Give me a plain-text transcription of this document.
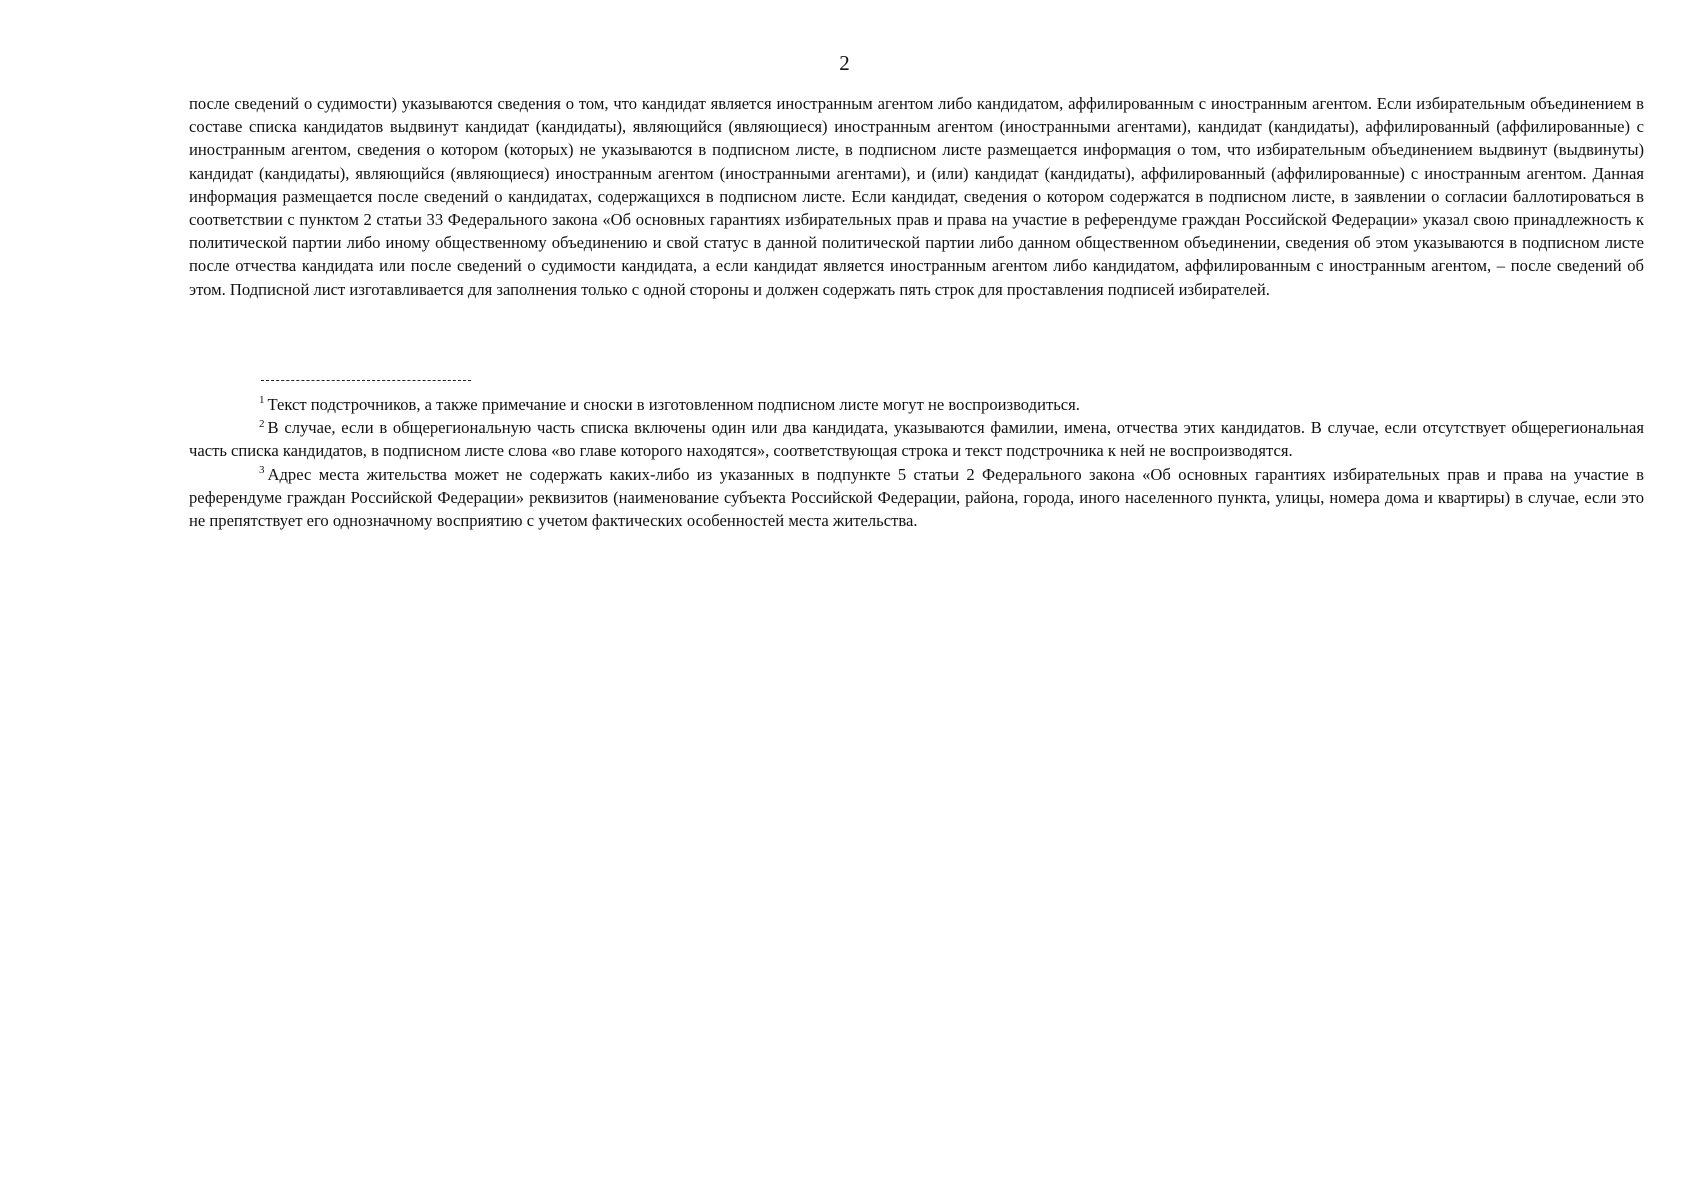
2

после сведений о судимости) указываются сведения о том, что кандидат является иностранным агентом либо кандидатом, аффилированным с иностранным агентом. Если избирательным объединением в составе списка кандидатов выдвинут кандидат (кандидаты), являющийся (являющиеся) иностранным агентом (иностранными агентами), кандидат (кандидаты), аффилированный (аффилированные) с иностранным агентом, сведения о котором (которых) не указываются в подписном листе, в подписном листе размещается информация о том, что избирательным объединением выдвинут (выдвинуты) кандидат (кандидаты), являющийся (являющиеся) иностранным агентом (иностранными агентами), и (или) кандидат (кандидаты), аффилированный (аффилированные) с иностранным агентом. Данная информация размещается после сведений о кандидатах, содержащихся в подписном листе. Если кандидат, сведения о котором содержатся в подписном листе, в заявлении о согласии баллотироваться в соответствии с пунктом 2 статьи 33 Федерального закона «Об основных гарантиях избирательных прав и права на участие в референдуме граждан Российской Федерации» указал свою принадлежность к политической партии либо иному общественному объединению и свой статус в данной политической партии либо данном общественном объединении, сведения об этом указываются в подписном листе после отчества кандидата или после сведений о судимости кандидата, а если кандидат является иностранным агентом либо кандидатом, аффилированным с иностранным агентом, – после сведений об этом. Подписной лист изготавливается для заполнения только с одной стороны и должен содержать пять строк для проставления подписей избирателей.

$^1$ Текст подстрочников, а также примечание и сноски в изготовленном подписном листе могут не воспроизводиться.

$^2$ В случае, если в общерегиональную часть списка включены один или два кандидата, указываются фамилии, имена, отчества этих кандидатов. В случае, если отсутствует общерегиональная часть списка кандидатов, в подписном листе слова «во главе которого находятся», соответствующая строка и текст подстрочника к ней не воспроизводятся.

$^3$ Адрес места жительства может не содержать каких-либо из указанных в подпункте 5 статьи 2 Федерального закона «Об основных гарантиях избирательных прав и права на участие в референдуме граждан Российской Федерации» реквизитов (наименование субъекта Российской Федерации, района, города, иного населенного пункта, улицы, номера дома и квартиры) в случае, если это не препятствует его однозначному восприятию с учетом фактических особенностей места жительства.
